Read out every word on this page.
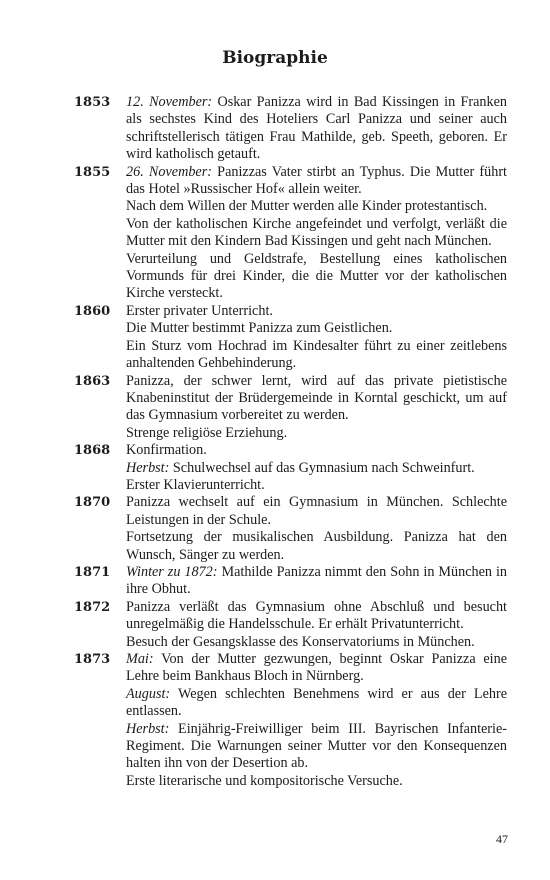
Biographie
1853	12. November: Oskar Panizza wird in Bad Kissingen in Franken als sechstes Kind des Hoteliers Carl Panizza und seiner auch schriftstellerisch tätigen Frau Mathilde, geb. Speeth, geboren. Er wird katholisch getauft.
1855	26. November: Panizzas Vater stirbt an Typhus. Die Mutter führt das Hotel »Russischer Hof« allein weiter.
Nach dem Willen der Mutter werden alle Kinder protestantisch.
Von der katholischen Kirche angefeindet und verfolgt, verläßt die Mutter mit den Kindern Bad Kissingen und geht nach München.
Verurteilung und Geldstrafe, Bestellung eines katholischen Vormunds für drei Kinder, die die Mutter vor der katholischen Kirche versteckt.
1860	Erster privater Unterricht.
Die Mutter bestimmt Panizza zum Geistlichen.
Ein Sturz vom Hochrad im Kindesalter führt zu einer zeitlebens anhaltenden Gehbehinderung.
1863	Panizza, der schwer lernt, wird auf das private pietistische Knabeninstitut der Brüdergemeinde in Korntal geschickt, um auf das Gymnasium vorbereitet zu werden.
Strenge religiöse Erziehung.
1868	Konfirmation.
Herbst: Schulwechsel auf das Gymnasium nach Schweinfurt.
Erster Klavierunterricht.
1870	Panizza wechselt auf ein Gymnasium in München. Schlechte Leistungen in der Schule.
Fortsetzung der musikalischen Ausbildung. Panizza hat den Wunsch, Sänger zu werden.
1871	Winter zu 1872: Mathilde Panizza nimmt den Sohn in München in ihre Obhut.
1872	Panizza verläßt das Gymnasium ohne Abschluß und besucht unregelmäßig die Handelsschule. Er erhält Privatunterricht.
Besuch der Gesangsklasse des Konservatoriums in München.
1873	Mai: Von der Mutter gezwungen, beginnt Oskar Panizza eine Lehre beim Bankhaus Bloch in Nürnberg.
August: Wegen schlechten Benehmens wird er aus der Lehre entlassen.
Herbst: Einjährig-Freiwilliger beim III. Bayrischen Infanterie-Regiment. Die Warnungen seiner Mutter vor den Konsequenzen halten ihn von der Desertion ab.
Erste literarische und kompositorische Versuche.
47
